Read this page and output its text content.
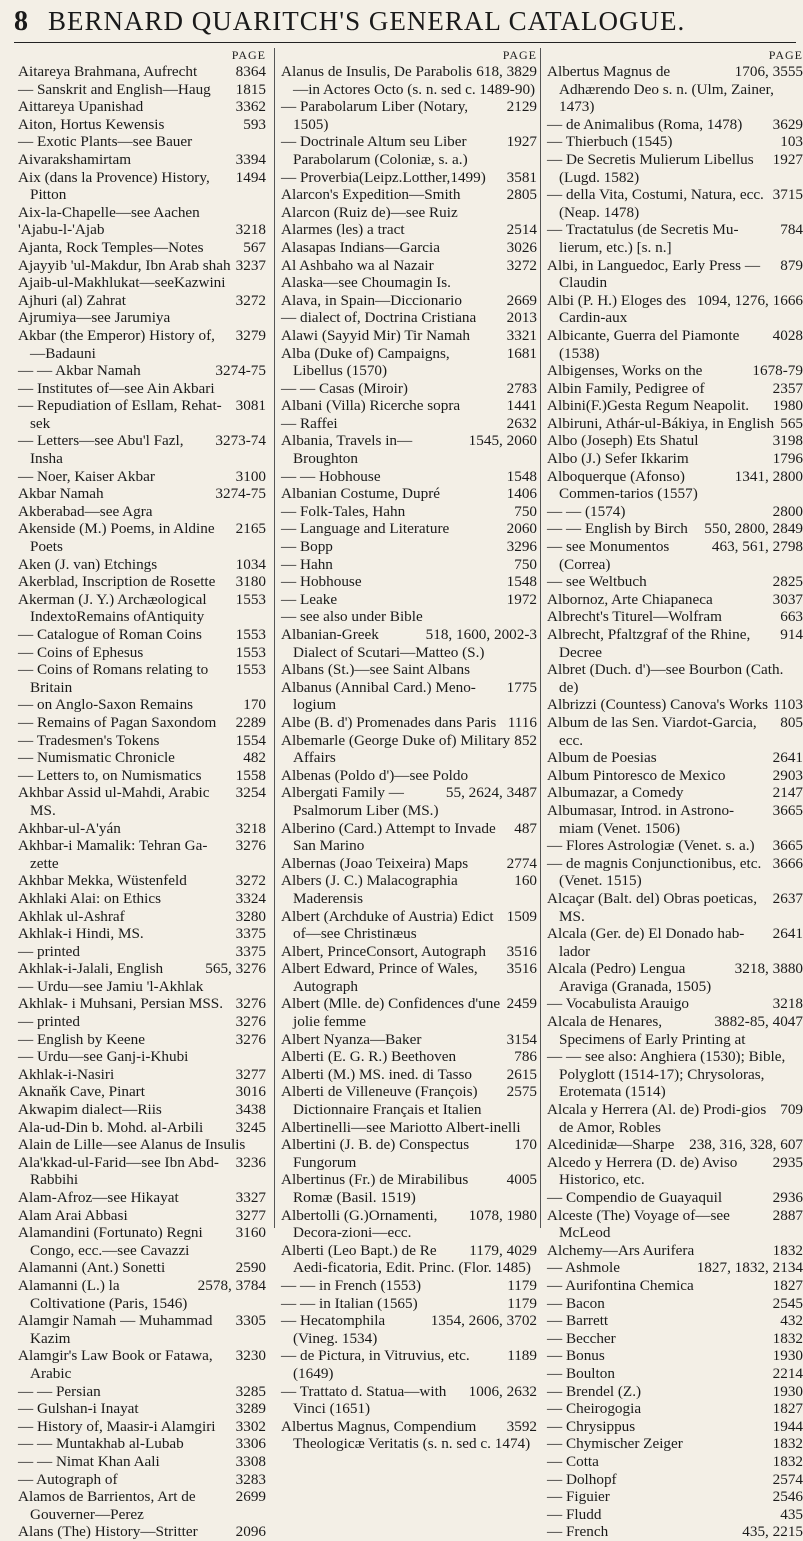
8 BERNARD QUARITCH'S GENERAL CATALOGUE.
PAGE
8364
Aitareya Brahmana, Aufrecht
1815
— Sanskrit and English—Haug
3362
Aittareya Upanishad
593
Aiton, Hortus Kewensis
— Exotic Plants—see Bauer
3394
Aivarakshamirtam
1494
Aix (dans la Provence) History, Pitton
Aix-la-Chapelle—see Aachen
3218
'Ajabu-l-'Ajab
567
Ajanta, Rock Temples—Notes
3237
Ajayyib 'ul-Makdur, Ibn Arab shah
Ajaib-ul-Makhlukat—seeKazwini
3272
Ajhuri (al) Zahrat
Ajrumiya—see Jarumiya
3279
Akbar (the Emperor) History of, —Badauni
3274-75
— — Akbar Namah
— Institutes of—see Ain Akbari
3081
— Repudiation of Esllam, Rehat-sek
3273-74
— Letters—see Abu'l Fazl, Insha
3100
— Noer, Kaiser Akbar
3274-75
Akbar Namah
Akberabad—see Agra
2165
Akenside (M.) Poems, in Aldine Poets
1034
Aken (J. van) Etchings
3180
Akerblad, Inscription de Rosette
1553
Akerman (J. Y.) Archæological IndextoRemains ofAntiquity
1553
— Catalogue of Roman Coins
1553
— Coins of Ephesus
1553
— Coins of Romans relating to Britain
170
— on Anglo-Saxon Remains
2289
— Remains of Pagan Saxondom
1554
— Tradesmen's Tokens
482
— Numismatic Chronicle
1558
— Letters to, on Numismatics
3254
Akhbar Assid ul-Mahdi, Arabic MS.
3218
Akhbar-ul-A'yán
3276
Akhbar-i Mamalik: Tehran Ga-zette
3272
Akhbar Mekka, Wüstenfeld
3324
Akhlaki Alai: on Ethics
3280
Akhlak ul-Ashraf
3375
Akhlak-i Hindi, MS.
3375
— printed
565, 3276
Akhlak-i-Jalali, English
— Urdu—see Jamiu 'l-Akhlak
3276
Akhlak- i Muhsani, Persian MSS.
3276
— printed
3276
— English by Keene
— Urdu—see Ganj-i-Khubi
3277
Akhlak-i-Nasiri
3016
Aknaňk Cave, Pinart
3438
Akwapim dialect—Riis
3245
Ala-ud-Din b. Mohd. al-Arbili
Alain de Lille—see Alanus de Insulis
3236
Ala'kkad-ul-Farid—see Ibn Abd-Rabbihi
3327
Alam-Afroz—see Hikayat
3277
Alam Arai Abbasi
3160
Alamandini (Fortunato) Regni Congo, ecc.—see Cavazzi
2590
Alamanni (Ant.) Sonetti
2578, 3784
Alamanni (L.) la Coltivatione (Paris, 1546)
3305
Alamgir Namah — Muhammad Kazim
3230
Alamgir's Law Book or Fatawa, Arabic
3285
— — Persian
3289
— Gulshan-i Inayat
3302
— History of, Maasir-i Alamgiri
3306
— — Muntakhab al-Lubab
3308
— — Nimat Khan Aali
3283
— Autograph of
2699
Alamos de Barrientos, Art de Gouverner—Perez
2096
Alans (The) History—Stritter
PAGE
618, 3829
Alanus de Insulis, De Parabolis —in Actores Octo (s. n. sed c. 1489-90)
2129
— Parabolarum Liber (Notary, 1505)
1927
— Doctrinale Altum seu Liber Parabolarum (Coloniæ, s. a.)
3581
— Proverbia(Leipz.Lotther,1499)
2805
Alarcon's Expedition—Smith
Alarcon (Ruiz de)—see Ruiz
2514
Alarmes (les) a tract
3026
Alasapas Indians—Garcia
3272
Al Ashbaho wa al Nazair
Alaska—see Choumagin Is.
2669
Alava, in Spain—Diccionario
2013
— dialect of, Doctrina Cristiana
3321
Alawi (Sayyid Mir) Tir Namah
1681
Alba (Duke of) Campaigns, Libellus (1570)
2783
— — Casas (Miroir)
1441
Albani (Villa) Ricerche sopra
2632
— Raffei
1545, 2060
Albania, Travels in—Broughton
1548
— — Hobhouse
1406
Albanian Costume, Dupré
750
— Folk-Tales, Hahn
2060
— Language and Literature
3296
— Bopp
750
— Hahn
1548
— Hobhouse
1972
— Leake
— see also under Bible
518, 1600, 2002-3
Albanian-Greek Dialect of Scutari—Matteo (S.)
Albans (St.)—see Saint Albans
1775
Albanus (Annibal Card.) Meno-logium
1116
Albe (B. d') Promenades dans Paris
852
Albemarle (George Duke of) Military Affairs
Albenas (Poldo d')—see Poldo
55, 2624, 3487
Albergati Family — Psalmorum Liber (MS.)
487
Alberino (Card.) Attempt to Invade San Marino
2774
Albernas (Joao Teixeira) Maps
160
Albers (J. C.) Malacographia Maderensis
1509
Albert (Archduke of Austria) Edict of—see Christinæus
3516
Albert, PrinceConsort, Autograph
3516
Albert Edward, Prince of Wales, Autograph
2459
Albert (Mlle. de) Confidences d'une jolie femme
3154
Albert Nyanza—Baker
786
Alberti (E. G. R.) Beethoven
2615
Alberti (M.) MS. ined. di Tasso
2575
Alberti de Villeneuve (François) Dictionnaire Français et Italien
Albertinelli—see Mariotto Albert-inelli
170
Albertini (J. B. de) Conspectus Fungorum
4005
Albertinus (Fr.) de Mirabilibus Romæ (Basil. 1519)
1078, 1980
Albertolli (G.)Ornamenti, Decora-zioni—ecc.
1179, 4029
Alberti (Leo Bapt.) de Re Aedi-ficatoria, Edit. Princ. (Flor. 1485)
1179
— — in French (1553)
1179
— — in Italian (1565)
1354, 2606, 3702
— Hecatomphila (Vineg. 1534)
1189
— de Pictura, in Vitruvius, etc. (1649)
1006, 2632
— Trattato d. Statua—with Vinci (1651)
3592
Albertus Magnus, Compendium Theologicæ Veritatis (s. n. sed c. 1474)
PAGE
1706, 3555
Albertus Magnus de Adhærendo Deo s. n. (Ulm, Zainer, 1473)
3629
— de Animalibus (Roma, 1478)
103
— Thierbuch (1545)
1927
— De Secretis Mulierum Libellus (Lugd. 1582)
3715
— della Vita, Costumi, Natura, ecc. (Neap. 1478)
784
— Tractatulus (de Secretis Mu-lierum, etc.) [s. n.]
879
Albi, in Languedoc, Early Press —Claudin
1094, 1276, 1666
Albi (P. H.) Eloges des Cardin-aux
4028
Albicante, Guerra del Piamonte (1538)
1678-79
Albigenses, Works on the
2357
Albin Family, Pedigree of
1980
Albini(F.)Gesta Regum Neapolit.
565
Albiruni, Athár-ul-Bákiya, in English
3198
Albo (Joseph) Ets Shatul
1796
Albo (J.) Sefer Ikkarim
1341, 2800
Alboquerque (Afonso) Commen-tarios (1557)
2800
— — (1574)
550, 2800, 2849
— — English by Birch
463, 561, 2798
— see Monumentos (Correa)
2825
— see Weltbuch
3037
Albornoz, Arte Chiapaneca
663
Albrecht's Titurel—Wolfram
914
Albrecht, Pfaltzgraf of the Rhine, Decree
Albret (Duch. d')—see Bourbon (Cath. de)
1103
Albrizzi (Countess) Canova's Works
805
Album de las Sen. Viardot-Garcia, ecc.
2641
Album de Poesias
2903
Album Pintoresco de Mexico
2147
Albumazar, a Comedy
3665
Albumasar, Introd. in Astrono-miam (Venet. 1506)
3665
— Flores Astrologiæ (Venet. s. a.)
3666
— de magnis Conjunctionibus, etc. (Venet. 1515)
2637
Alcaçar (Balt. del) Obras poeticas, MS.
2641
Alcala (Ger. de) El Donado hab-lador
3218, 3880
Alcala (Pedro) Lengua Araviga (Granada, 1505)
3218
— Vocabulista Arauigo
3882-85, 4047
Alcala de Henares, Specimens of Early Printing at
— — see also: Anghiera (1530); Bible, Polyglott (1514-17); Chrysoloras, Erotemata (1514)
709
Alcala y Herrera (Al. de) Prodi-gios de Amor, Robles
238, 316, 328, 607
Alcedinidæ—Sharpe
2935
Alcedo y Herrera (D. de) Aviso Historico, etc.
2936
— Compendio de Guayaquil
2887
Alceste (The) Voyage of—see McLeod
1832
Alchemy—Ars Aurifera
1827, 1832, 2134
— Ashmole
1827
— Aurifontina Chemica
2545
— Bacon
432
— Barrett
1832
— Beccher
1930
— Bonus
2214
— Boulton
1930
— Brendel (Z.)
1827
— Cheirogogia
1944
— Chrysippus
1832
— Chymischer Zeiger
1832
— Cotta
2574
— Dolhopf
2546
— Figuier
435
— Fludd
435, 2215
— French
